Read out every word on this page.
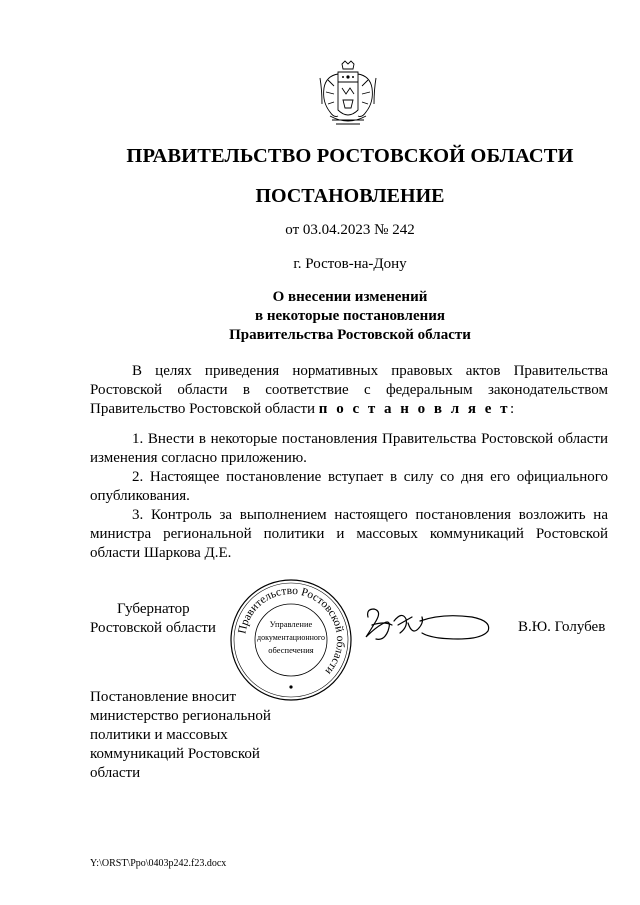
ПРАВИТЕЛЬСТВО РОСТОВСКОЙ ОБЛАСТИ
ПОСТАНОВЛЕНИЕ
от 03.04.2023 № 242
г. Ростов-на-Дону
О внесении изменений
в некоторые постановления
Правительства Ростовской области

В целях приведения нормативных правовых актов Правительства Ростовской области в соответствие с федеральным законодательством Правительство Ростовской области п о с т а н о в л я е т:

1. Внести в некоторые постановления Правительства Ростовской области изменения согласно приложению.

2. Настоящее постановление вступает в силу со дня его официального опубликования.

3. Контроль за выполнением настоящего постановления возложить на министра региональной политики и массовых коммуникаций Ростовской области Шаркова Д.Е.

Губернатор
Ростовской области Правительство Ростовской области
Управление
документационного
обеспечения
В.Ю. Голубев
Постановление вносит
министерство региональной
политики и массовых
коммуникаций Ростовской
области
Y:\ORST\Ppo\0403p242.f23.docx
